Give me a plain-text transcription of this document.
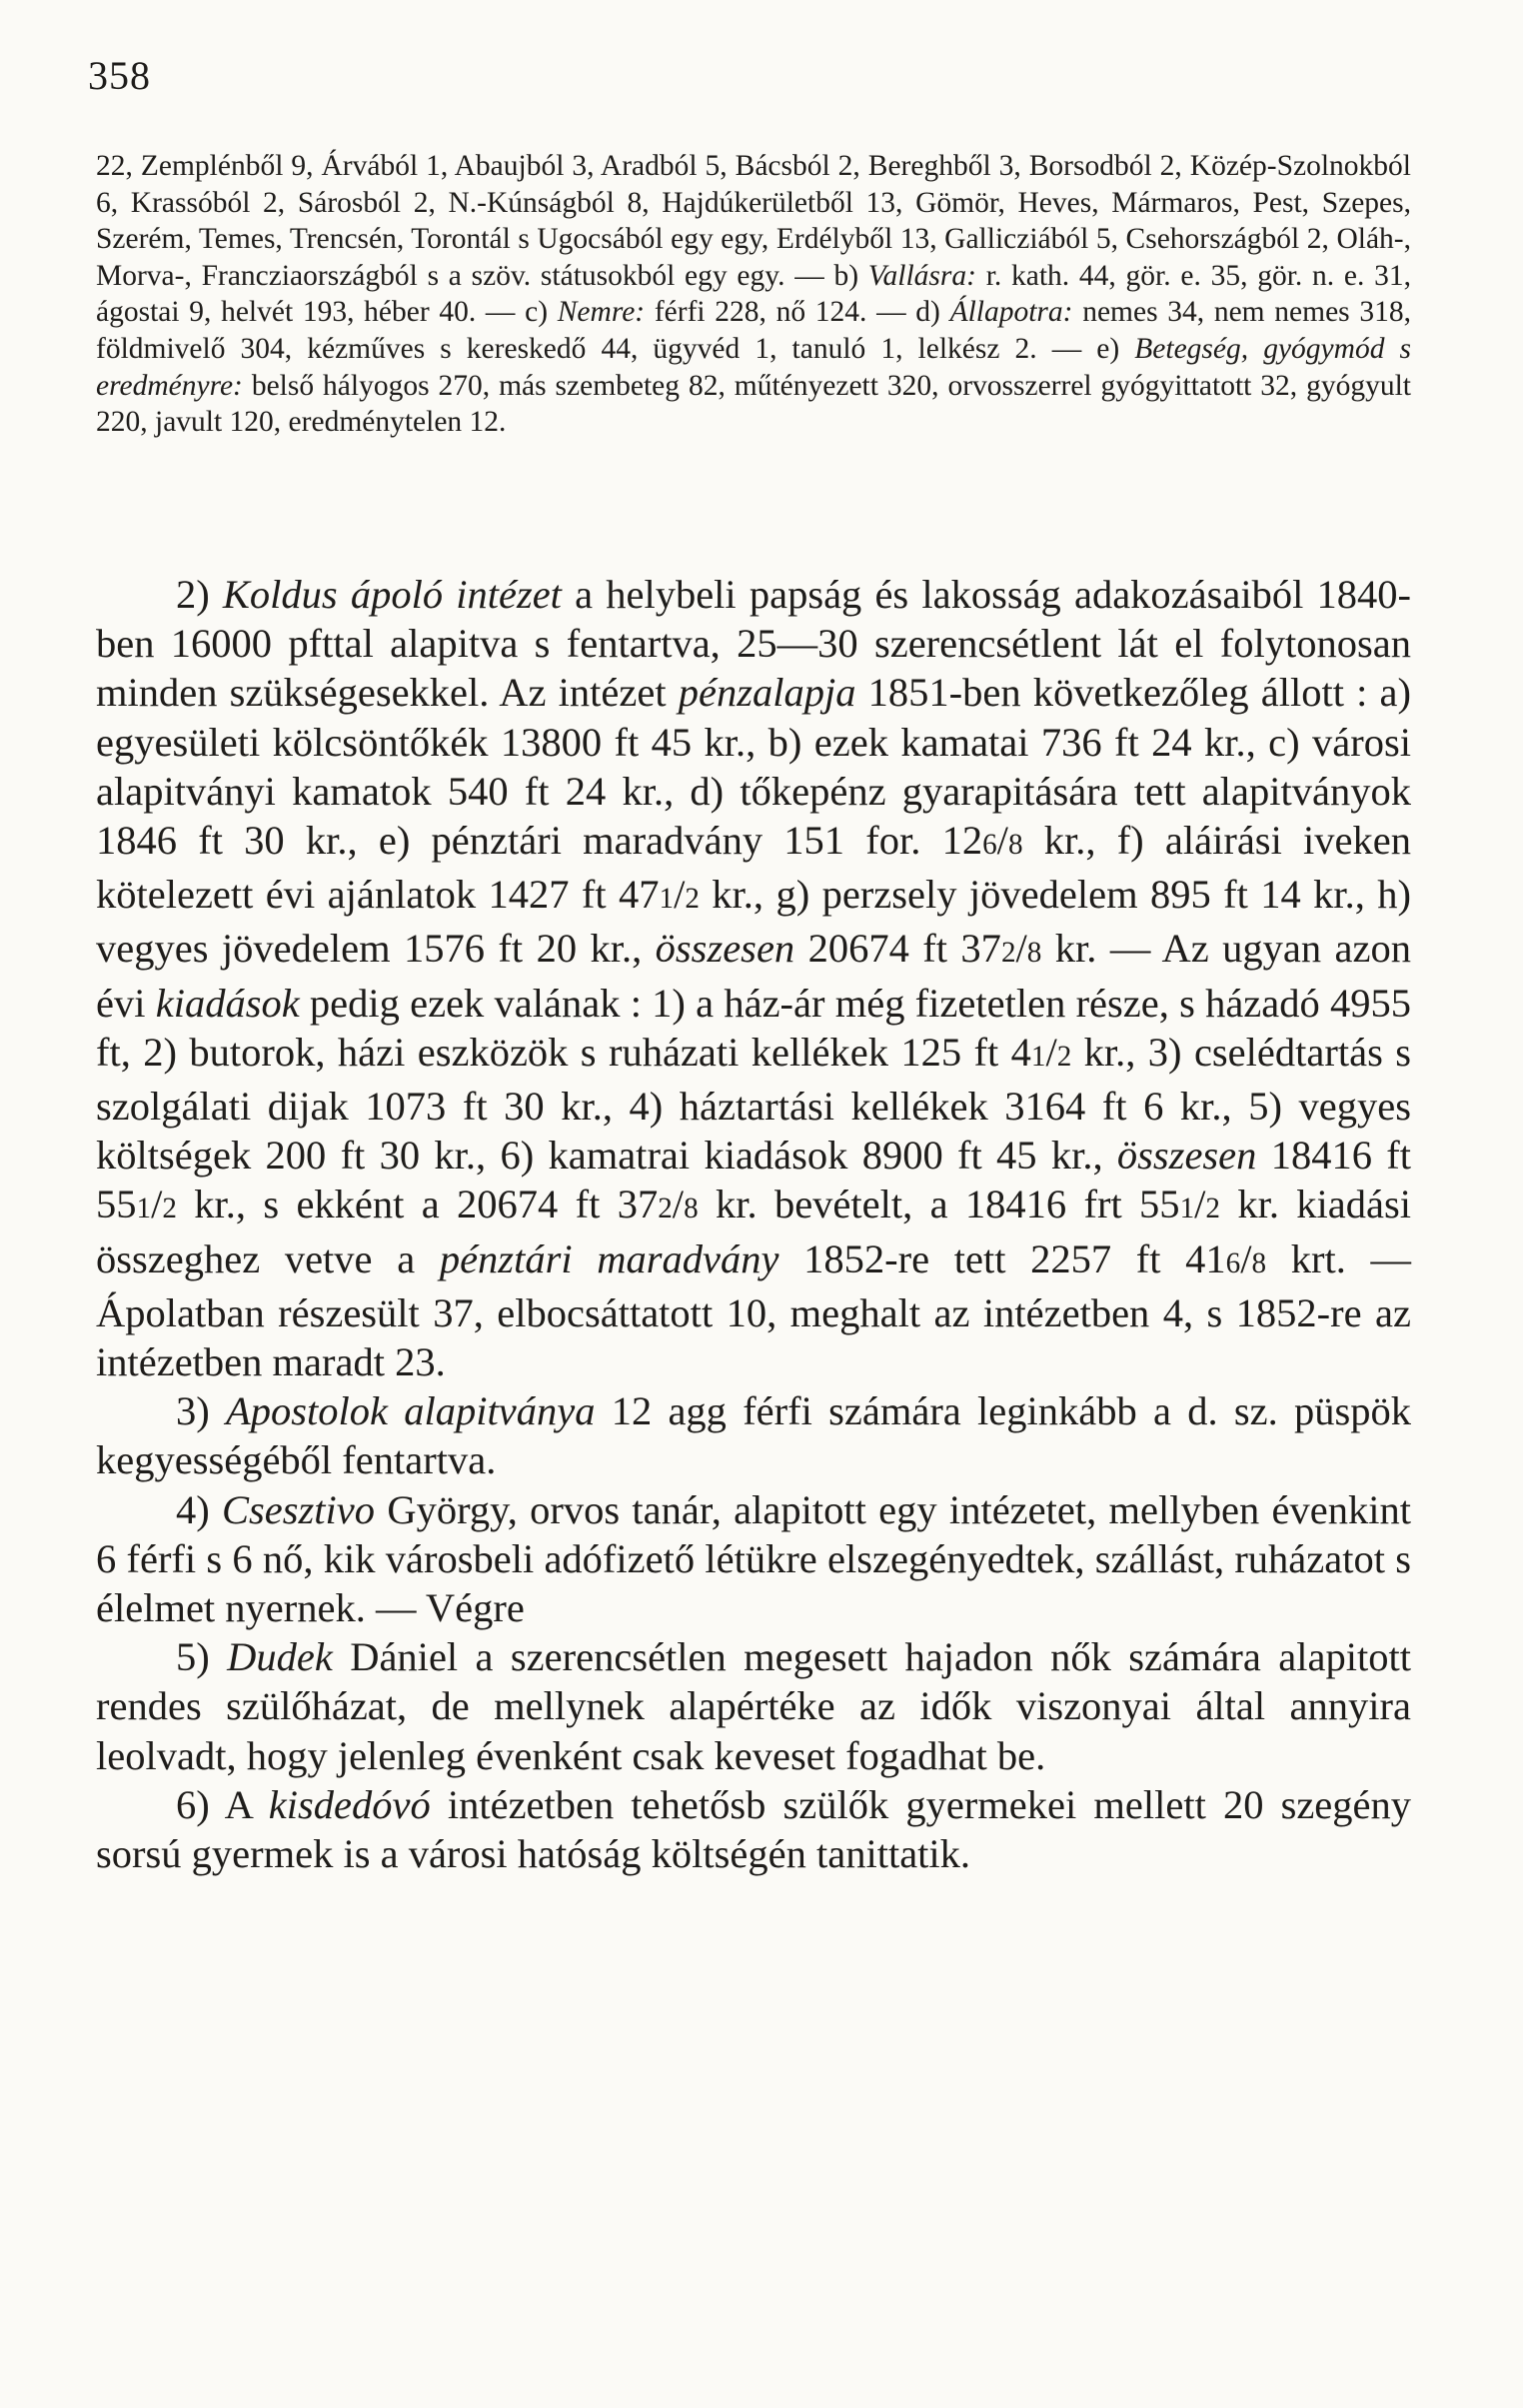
358

22, Zemplénből 9, Árvából 1, Abaujból 3, Aradból 5, Bácsból 2, Bereghből 3, Borsodból 2, Közép-Szolnokból 6, Krassóból 2, Sárosból 2, N.-Kúnságból 8, Hajdúkerületből 13, Gömör, Heves, Mármaros, Pest, Szepes, Szerém, Temes, Trencsén, Torontál s Ugocsából egy egy, Erdélyből 13, Gallicziából 5, Csehországból 2, Oláh-, Morva-, Francziaországból s a szöv. státusokból egy egy. — b) Vallásra: r. kath. 44, gör. e. 35, gör. n. e. 31, ágostai 9, helvét 193, héber 40. — c) Nemre: férfi 228, nő 124. — d) Állapotra: nemes 34, nem nemes 318, földmivelő 304, kézműves s kereskedő 44, ügyvéd 1, tanuló 1, lelkész 2. — e) Betegség, gyógymód s eredményre: belső hályogos 270, más szembeteg 82, műtényezett 320, orvosszerrel gyógyittatott 32, gyógyult 220, javult 120, eredménytelen 12.

2) Koldus ápoló intézet a helybeli papság és lakosság adakozásaiból 1840-ben 16000 pfttal alapitva s fentartva, 25—30 szerencsétlent lát el folytonosan minden szükségesekkel. Az intézet pénzalapja 1851-ben következőleg állott : a) egyesületi kölcsöntőkék 13800 ft 45 kr., b) ezek kamatai 736 ft 24 kr., c) városi alapitványi kamatok 540 ft 24 kr., d) tőkepénz gyarapitására tett alapitványok 1846 ft 30 kr., e) pénztári maradvány 151 for. 126/8 kr., f) aláirási iveken kötelezett évi ajánlatok 1427 ft 471/2 kr., g) perzsely jövedelem 895 ft 14 kr., h) vegyes jövedelem 1576 ft 20 kr., összesen 20674 ft 372/8 kr. — Az ugyan azon évi kiadások pedig ezek valának : 1) a ház-ár még fizetetlen része, s házadó 4955 ft, 2) butorok, házi eszközök s ruházati kellékek 125 ft 41/2 kr., 3) cselédtartás s szolgálati dijak 1073 ft 30 kr., 4) háztartási kellékek 3164 ft 6 kr., 5) vegyes költségek 200 ft 30 kr., 6) kamatrai kiadások 8900 ft 45 kr., összesen 18416 ft 551/2 kr., s ekként a 20674 ft 372/8 kr. bevételt, a 18416 frt 551/2 kr. kiadási összeghez vetve a pénztári maradvány 1852-re tett 2257 ft 416/8 krt. — Ápolatban részesült 37, elbocsáttatott 10, meghalt az intézetben 4, s 1852-re az intézetben maradt 23.

3) Apostolok alapitványa 12 agg férfi számára leginkább a d. sz. püspök kegyességéből fentartva.

4) Csesztivo György, orvos tanár, alapitott egy intézetet, mellyben évenkint 6 férfi s 6 nő, kik városbeli adófizető létükre elszegényedtek, szállást, ruházatot s élelmet nyernek. — Végre

5) Dudek Dániel a szerencsétlen megesett hajadon nők számára alapitott rendes szülőházat, de mellynek alapértéke az idők viszonyai által annyira leolvadt, hogy jelenleg évenként csak keveset fogadhat be.

6) A kisdedóvó intézetben tehetősb szülők gyermekei mellett 20 szegény sorsú gyermek is a városi hatóság költségén tanittatik.
